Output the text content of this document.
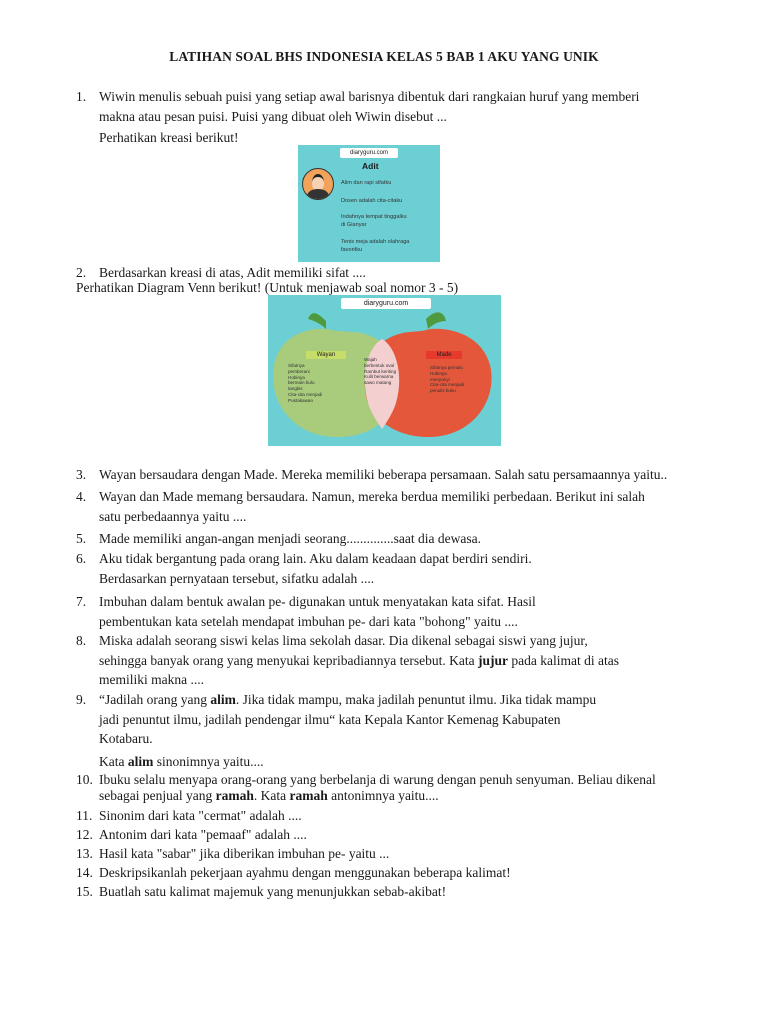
LATIHAN SOAL BHS INDONESIA KELAS 5 BAB 1 AKU YANG UNIK
1. Wiwin menulis sebuah puisi yang setiap awal barisnya dibentuk dari rangkaian huruf yang memberi
makna atau pesan puisi. Puisi yang dibuat oleh Wiwin disebut ...
Perhatikan kreasi berikut!
diaryguru.com
Adit
Alim dan rapi sifatku
Dosen adalah cita-citaku
Indahnya tempat tinggalku
di Gianyar
Tenis meja adalah olahraga
favoritku
2. Berdasarkan kreasi di atas, Adit memiliki sifat ....
Perhatikan Diagram Venn berikut! (Untuk menjawab soal nomor 3 - 5)
diaryguru.com
Wayan	Made
Sifatnya
pemberani
Hobinya
bermain bulu
tangkis
Cita-cita menjadi
Pustakawan
Wajah
berbentuk oval
Rambut keriting
Kulit berwarna
sawo matang
Sifatnya pemalu
Hobinya
menyanyi
Cita-cita menjadi
penulis buku
3. Wayan bersaudara dengan Made. Mereka memiliki beberapa persamaan. Salah satu persamaannya yaitu..
4. Wayan dan Made memang bersaudara. Namun, mereka berdua memiliki perbedaan. Berikut ini salah
satu perbedaannya yaitu ....
5. Made memiliki angan-angan menjadi seorang..............saat dia dewasa.
6. Aku tidak bergantung pada orang lain. Aku dalam keadaan dapat berdiri sendiri.
Berdasarkan pernyataan tersebut, sifatku adalah ....
7. Imbuhan dalam bentuk awalan pe- digunakan untuk menyatakan kata sifat. Hasil
pembentukan kata setelah mendapat imbuhan pe- dari kata "bohong" yaitu ....
8. Miska adalah seorang siswi kelas lima sekolah dasar. Dia dikenal sebagai siswi yang jujur,
sehingga banyak orang yang menyukai kepribadiannya tersebut. Kata jujur pada kalimat di atas
memiliki makna ....
9. “Jadilah orang yang alim. Jika tidak mampu, maka jadilah penuntut ilmu. Jika tidak mampu
jadi penuntut ilmu, jadilah pendengar ilmu“ kata Kepala Kantor Kemenag Kabupaten
Kotabaru.
Kata alim sinonimnya yaitu....
10. Ibuku selalu menyapa orang-orang yang berbelanja di warung dengan penuh senyuman. Beliau dikenal
sebagai penjual yang ramah. Kata ramah antonimnya yaitu....
11. Sinonim dari kata "cermat" adalah ....
12. Antonim dari kata "pemaaf" adalah ....
13. Hasil kata "sabar" jika diberikan imbuhan pe- yaitu ...
14. Deskripsikanlah pekerjaan ayahmu dengan menggunakan beberapa kalimat!
15. Buatlah satu kalimat majemuk yang menunjukkan sebab-akibat!
